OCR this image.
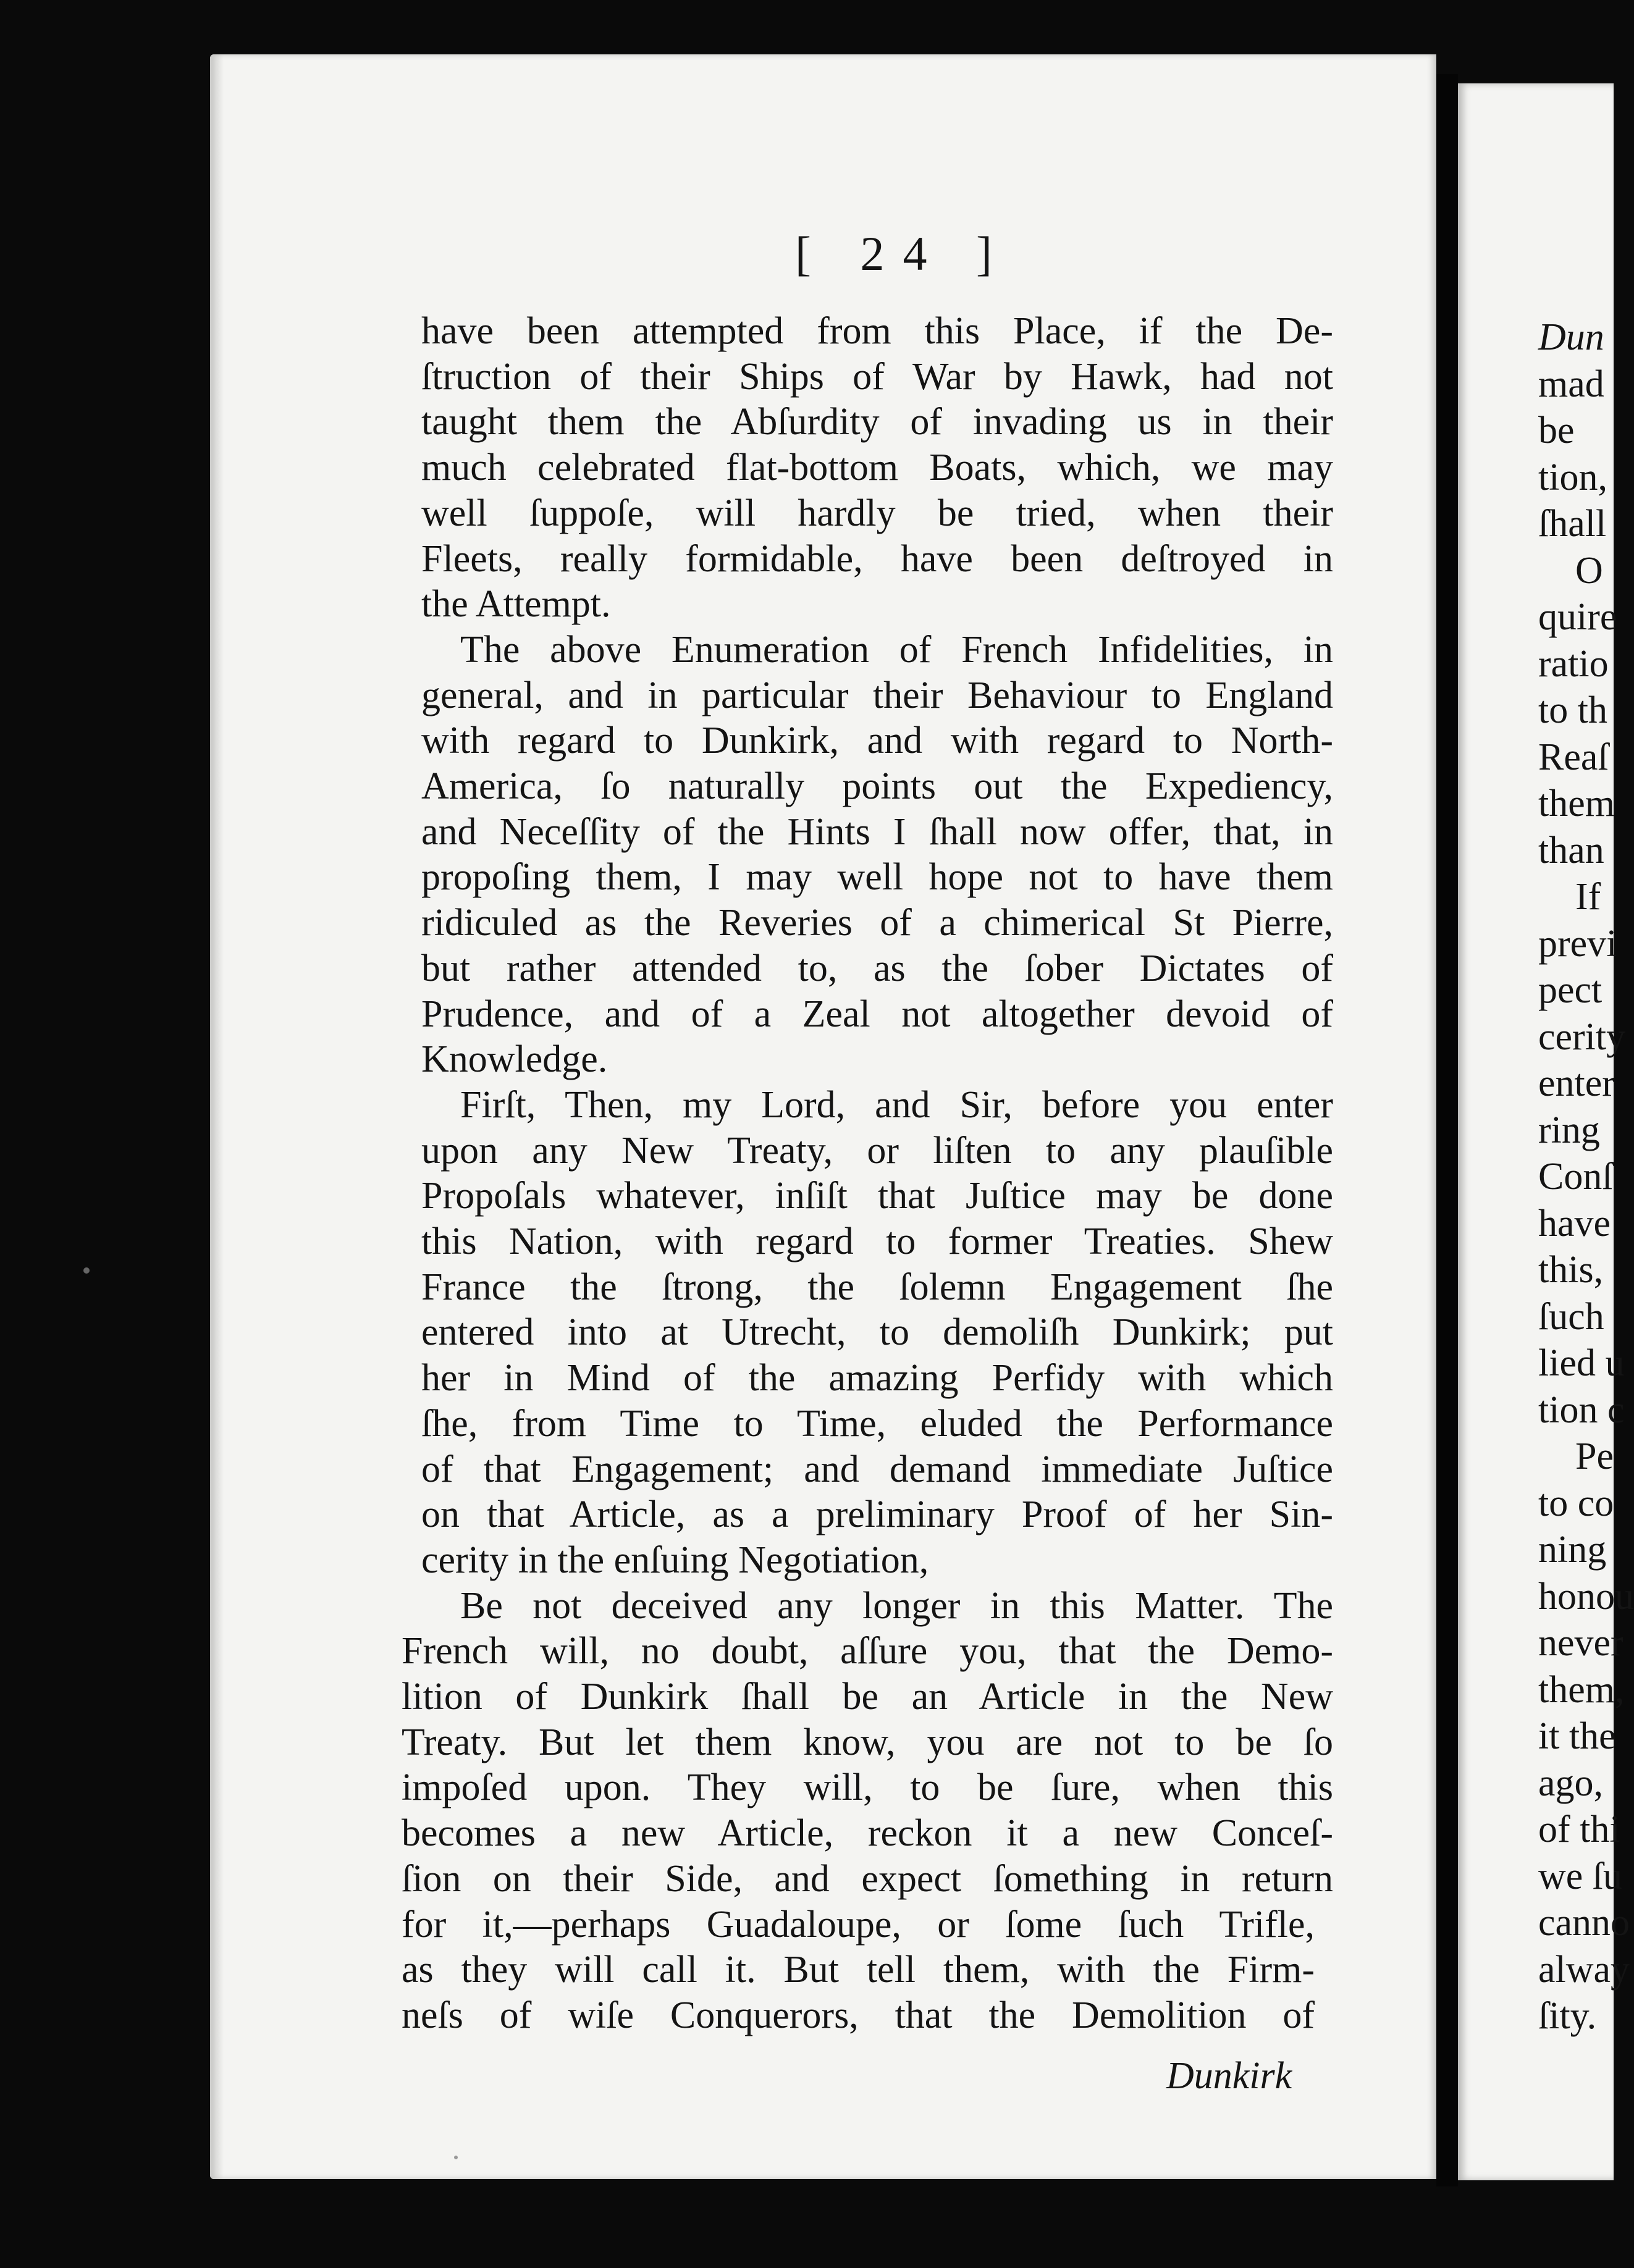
Dun
mad
be
tion,
ſhall
O
quire
ratio
to th
Reaſ
them
than
If
previ
pect
cerity
enter
ring
Conſ
have
this,
ſuch
lied u
tion c
Pe
to co
ning
honou
never
them,
it the
ago,
of thi
we ſu
canno
alway
ſity.
[ 24 ]
have been attempted from this Place, if the De-
ſtruction of their Ships of War by Hawk, had not
taught them the Abſurdity of invading us in their
much celebrated flat-bottom Boats, which, we may
well ſuppoſe, will hardly be tried, when their
Fleets, really formidable, have been deſtroyed in
the Attempt.
The above Enumeration of French Infidelities, in
general, and in particular their Behaviour to England
with regard to Dunkirk, and with regard to North-
America, ſo naturally points out the Expediency,
and Neceſſity of the Hints I ſhall now offer, that, in
propoſing them, I may well hope not to have them
ridiculed as the Reveries of a chimerical St Pierre,
but rather attended to, as the ſober Dictates of
Prudence, and of a Zeal not altogether devoid of
Knowledge.
Firſt, Then, my Lord, and Sir, before you enter
upon any New Treaty, or liſten to any plauſible
Propoſals whatever, inſiſt that Juſtice may be done
this Nation, with regard to former Treaties. Shew
France the ſtrong, the ſolemn Engagement ſhe
entered into at Utrecht, to demoliſh Dunkirk; put
her in Mind of the amazing Perfidy with which
ſhe, from Time to Time, eluded the Performance
of that Engagement; and demand immediate Juſtice
on that Article, as a preliminary Proof of her Sin-
cerity in the enſuing Negotiation,
Be not deceived any longer in this Matter. The
French will, no doubt, aſſure you, that the Demo-
lition of Dunkirk ſhall be an Article in the New
Treaty. But let them know, you are not to be ſo
impoſed upon. They will, to be ſure, when this
becomes a new Article, reckon it a new Conceſ-
ſion on their Side, and expect ſomething in return
for it,—perhaps Guadaloupe, or ſome ſuch Trifle,
as they will call it. But tell them, with the Firm-
neſs of wiſe Conquerors, that the Demolition of
Dunkirk
